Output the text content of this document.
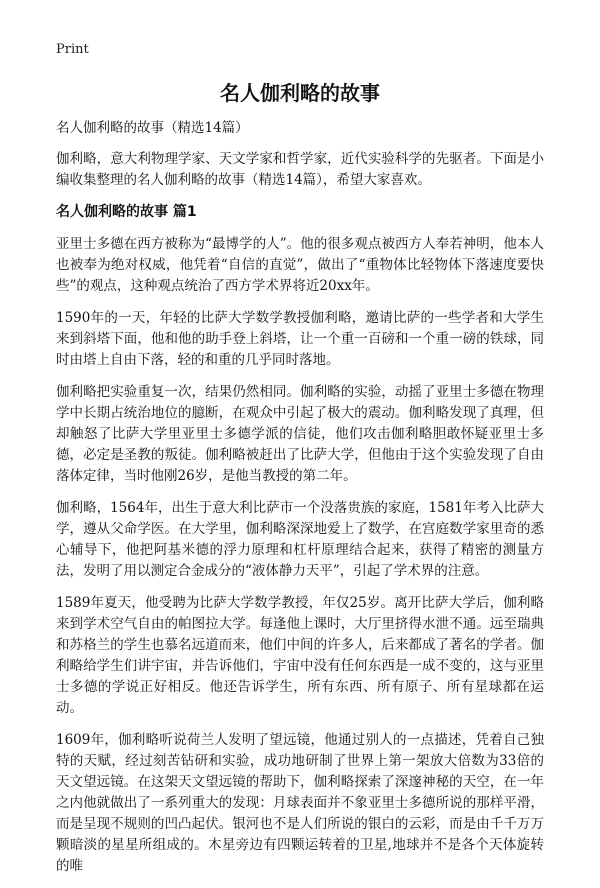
Print
名人伽利略的故事

名人伽利略的故事（精选14篇）

伽利略，意大利物理学家、天文学家和哲学家，近代实验科学的先驱者。下面是小编收集整理的名人伽利略的故事（精选14篇），希望大家喜欢。

名人伽利略的故事 篇1

亚里士多德在西方被称为“最博学的人”。他的很多观点被西方人奉若神明，他本人也被奉为绝对权威，他凭着“自信的直觉”，做出了“重物体比轻物体下落速度要快些”的观点，这种观点统治了西方学术界将近20xx年。

1590年的一天，年轻的比萨大学数学教授伽利略，邀请比萨的一些学者和大学生来到斜塔下面，他和他的助手登上斜塔，让一个重一百磅和一个重一磅的铁球，同时由塔上自由下落，轻的和重的几乎同时落地。

伽利略把实验重复一次，结果仍然相同。伽利略的实验，动摇了亚里士多德在物理学中长期占统治地位的臆断，在观众中引起了极大的震动。伽利略发现了真理，但却触怒了比萨大学里亚里士多德学派的信徒，他们攻击伽利略胆敢怀疑亚里士多德，必定是圣教的叛徒。伽利略被赶出了比萨大学，但他由于这个实验发现了自由落体定律，当时他刚26岁，是他当教授的第二年。

伽利略，1564年，出生于意大利比萨市一个没落贵族的家庭，1581年考入比萨大学，遵从父命学医。在大学里，伽利略深深地爱上了数学，在宫庭数学家里奇的悉心辅导下，他把阿基米德的浮力原理和杠杆原理结合起来，获得了精密的测量方法，发明了用以测定合金成分的“液体静力天平”，引起了学术界的注意。

1589年夏天，他受聘为比萨大学数学教授，年仅25岁。离开比萨大学后，伽利略来到学术空气自由的帕图拉大学。每逢他上课时，大厅里挤得水泄不通。远至瑞典和苏格兰的学生也慕名远道而来，他们中间的许多人，后来都成了著名的学者。伽利略给学生们讲宇宙，并告诉他们，宇宙中没有任何东西是一成不变的，这与亚里士多德的学说正好相反。他还告诉学生，所有东西、所有原子、所有星球都在运动。

1609年，伽利略听说荷兰人发明了望远镜，他通过别人的一点描述，凭着自己独特的天赋，经过刻苦钻研和实验，成功地研制了世界上第一架放大倍数为33倍的天文望远镜。在这架天文望远镜的帮助下，伽利略探索了深邃神秘的天空，在一年之内他就做出了一系列重大的发现：月球表面并不象亚里士多德所说的那样平滑，而是呈现不规则的凹凸起伏。银河也不是人们所说的银白的云彩，而是由千千万万颗暗淡的星星所组成的。木星旁边有四颗运转着的卫星,地球并不是各个天体旋转的唯
